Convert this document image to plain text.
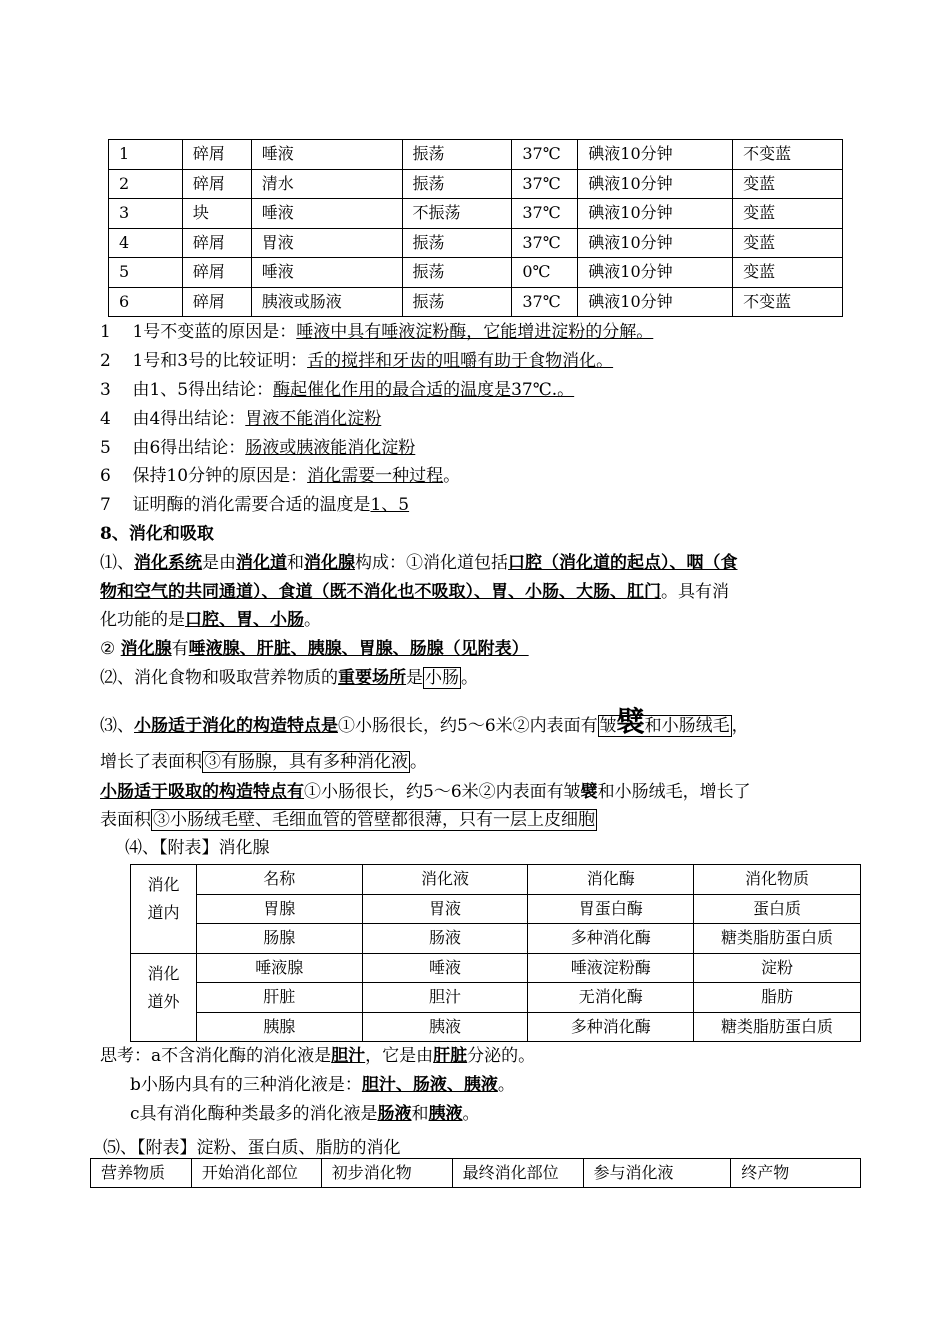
1	碎屑	唾液	振荡	37℃	碘液10分钟	不变蓝
2	碎屑	清水	振荡	37℃	碘液10分钟	变蓝
3	块	唾液	不振荡	37℃	碘液10分钟	变蓝
4	碎屑	胃液	振荡	37℃	碘液10分钟	变蓝
5	碎屑	唾液	振荡	0℃	碘液10分钟	变蓝
6	碎屑	胰液或肠液	振荡	37℃	碘液10分钟	不变蓝
1 1号不变蓝的原因是：唾液中具有唾液淀粉酶，它能增进淀粉的分解。
2 1号和3号的比较证明：舌的搅拌和牙齿的咀嚼有助于食物消化。
3 由1、5得出结论：酶起催化作用的最合适的温度是37℃.。
4 由4得出结论：胃液不能消化淀粉
5 由6得出结论：肠液或胰液能消化淀粉
6 保持10分钟的原因是：消化需要一种过程。
7 证明酶的消化需要合适的温度是1、5
8、消化和吸取
⑴、消化系统是由消化道和消化腺构成：①消化道包括口腔（消化道的起点）、咽（食
物和空气的共同通道）、食道（既不消化也不吸取）、胃、小肠、大肠、肛门。具有消
化功能的是口腔、胃、小肠。
② 消化腺有唾液腺、肝脏、胰腺、胃腺、肠腺（见附表）
⑵、消化食物和吸取营养物质的重要场所是 小肠 。
⑶、小肠适于消化的构造特点是①小肠很长，约5～6米②内表面有 皱襞和小肠绒毛 ，
增长了表面积 ③有肠腺，具有多种消化液 。
小肠适于吸取的构造特点有①小肠很长，约5～6米②内表面有皱襞和小肠绒毛，增长了
表面积 ③小肠绒毛壁、毛细血管的管壁都很薄，只有一层上皮细胞
⑷、【附表】消化腺
消化
道内	名称	消化液	消化酶	消化物质
	胃腺	胃液	胃蛋白酶	蛋白质
	肠腺	肠液	多种消化酶	糖类脂肪蛋白质
消化
道外	唾液腺	唾液	唾液淀粉酶	淀粉
	肝脏	胆汁	无消化酶	脂肪
	胰腺	胰液	多种消化酶	糖类脂肪蛋白质
思考：a不含消化酶的消化液是胆汁，它是由肝脏分泌的。
b小肠内具有的三种消化液是：胆汁、肠液、胰液。
c具有消化酶种类最多的消化液是肠液和胰液。
⑸、【附表】淀粉、蛋白质、脂肪的消化
营养物质	开始消化部位	初步消化物	最终消化部位	参与消化液	终产物
